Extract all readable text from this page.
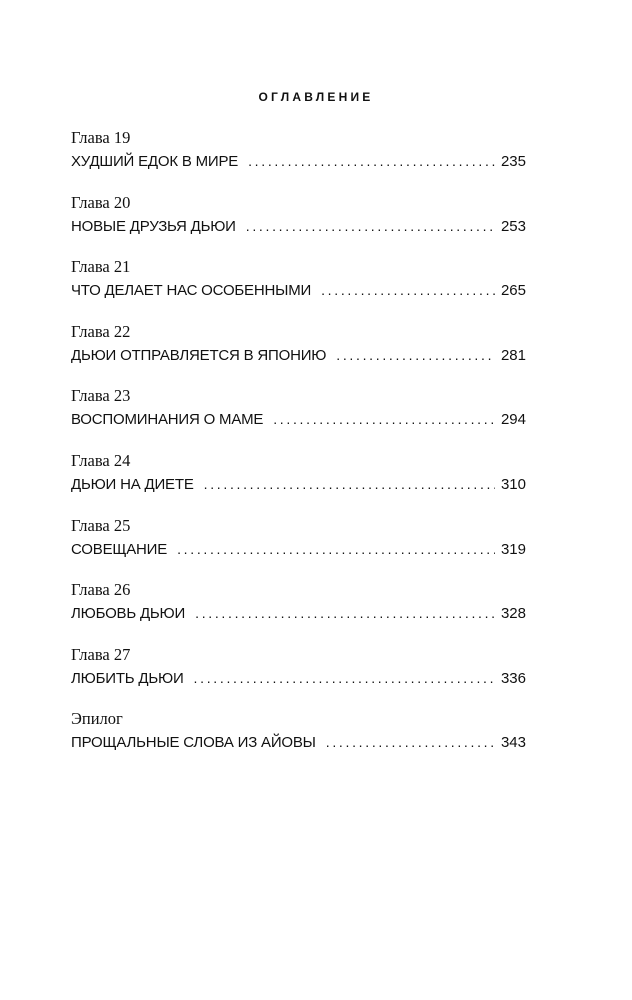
ОГЛАВЛЕНИЕ
Глава 19
ХУДШИЙ ЕДОК В МИРЕ . . .	235
Глава 20
НОВЫЕ ДРУЗЬЯ ДЬЮИ . . .	253
Глава 21
ЧТО ДЕЛАЕТ НАС ОСОБЕННЫМИ . . .	265
Глава 22
ДЬЮИ ОТПРАВЛЯЕТСЯ В ЯПОНИЮ . . .	281
Глава 23
ВОСПОМИНАНИЯ О МАМЕ . . .	294
Глава 24
ДЬЮИ НА ДИЕТЕ . . .	310
Глава 25
СОВЕЩАНИЕ . . .	319
Глава 26
ЛЮБОВЬ ДЬЮИ . . .	328
Глава 27
ЛЮБИТЬ ДЬЮИ . . .	336
Эпилог
ПРОЩАЛЬНЫЕ СЛОВА ИЗ АЙОВЫ . . .	343
